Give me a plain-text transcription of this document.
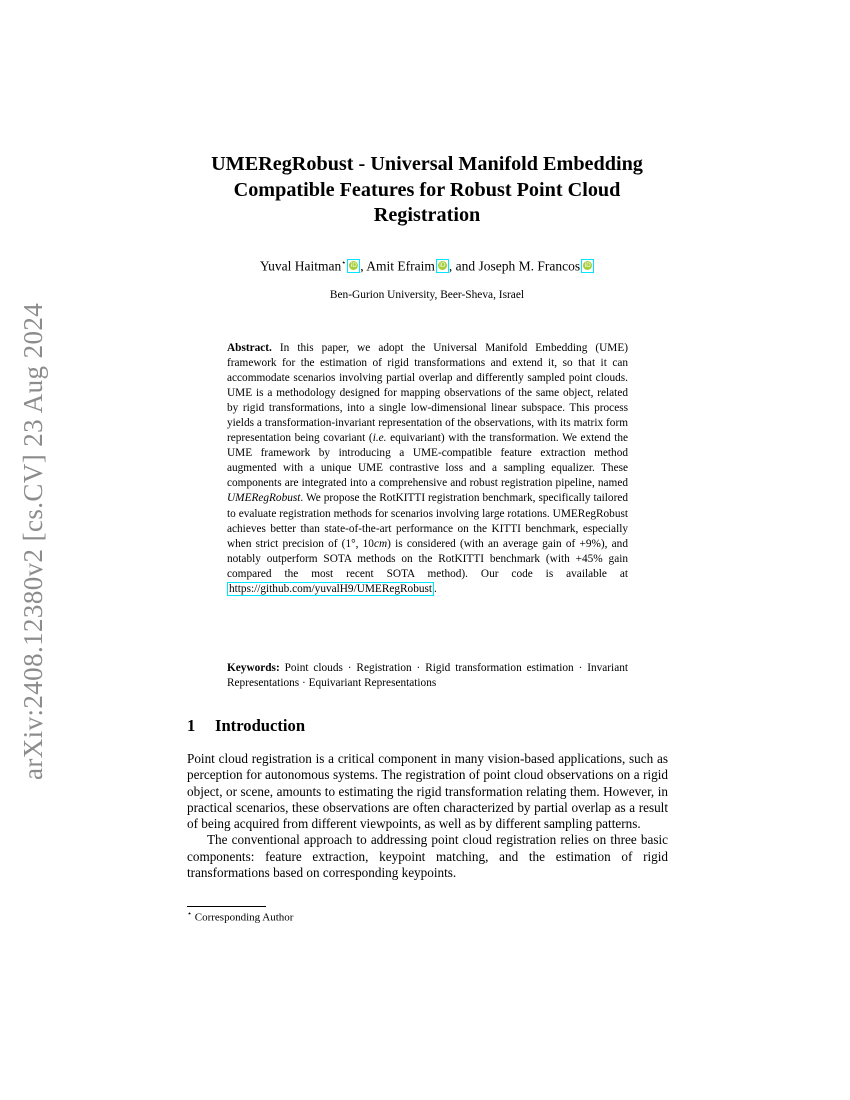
arXiv:2408.12380v2 [cs.CV] 23 Aug 2024
UMERegRobust - Universal Manifold Embedding Compatible Features for Robust Point Cloud Registration
Yuval Haitman⋆ iD , Amit Efraim iD , and Joseph M. Francos iD
Ben-Gurion University, Beer-Sheva, Israel
Abstract. In this paper, we adopt the Universal Manifold Embedding (UME) framework for the estimation of rigid transformations and extend it, so that it can accommodate scenarios involving partial overlap and differently sampled point clouds. UME is a methodology designed for mapping observations of the same object, related by rigid transformations, into a single low-dimensional linear subspace. This process yields a transformation-invariant representation of the observations, with its matrix form representation being covariant (i.e. equivariant) with the transformation. We extend the UME framework by introducing a UME-compatible feature extraction method augmented with a unique UME contrastive loss and a sampling equalizer. These components are integrated into a comprehensive and robust registration pipeline, named UMERegRobust. We propose the RotKITTI registration benchmark, specifically tailored to evaluate registration methods for scenarios involving large rotations. UMERegRobust achieves better than state-of-the-art performance on the KITTI benchmark, especially when strict precision of (1°, 10cm) is considered (with an average gain of +9%), and notably outperform SOTA methods on the RotKITTI benchmark (with +45% gain compared the most recent SOTA method). Our code is available at https://github.com/yuvalH9/UMERegRobust .
Keywords: Point clouds · Registration · Rigid transformation estimation · Invariant Representations · Equivariant Representations
1 Introduction

Point cloud registration is a critical component in many vision-based applications, such as perception for autonomous systems. The registration of point cloud observations on a rigid object, or scene, amounts to estimating the rigid transformation relating them. However, in practical scenarios, these observations are often characterized by partial overlap as a result of being acquired from different viewpoints, as well as by different sampling patterns.

The conventional approach to addressing point cloud registration relies on three basic components: feature extraction, keypoint matching, and the estimation of rigid transformations based on corresponding keypoints.

⋆ Corresponding Author
